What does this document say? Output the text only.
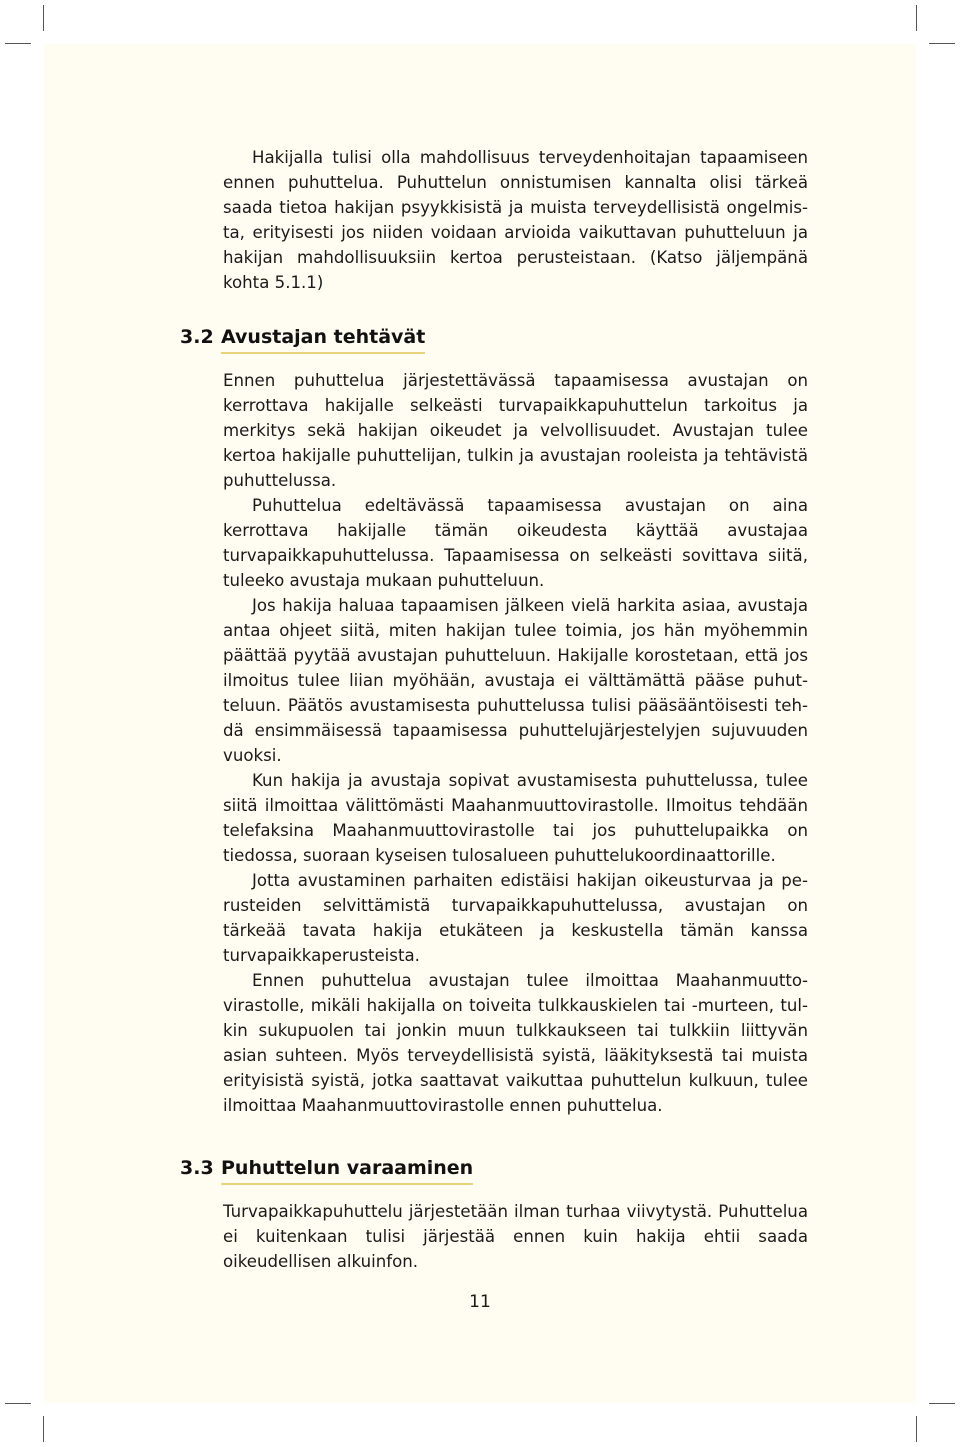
Hakijalla tulisi olla mahdollisuus terveydenhoitajan tapaamiseen ennen puhuttelua. Puhuttelun onnistumisen kannalta olisi tärkeä saada tietoa hakijan psyykkisistä ja muista terveydellisistä ongelmista, erityisesti jos niiden voidaan arvioida vaikuttavan puhutteluun ja hakijan mahdollisuuksiin kertoa perusteistaan. (Katso jäljempänä kohta 5.1.1)

3.2 Avustajan tehtävät

Ennen puhuttelua järjestettävässä tapaamisessa avustajan on kerrottava hakijalle selkeästi turvapaikkapuhuttelun tarkoitus ja merkitys sekä hakijan oikeudet ja velvollisuudet. Avustajan tulee kertoa hakijalle puhuttelijan, tulkin ja avustajan rooleista ja tehtävistä puhuttelussa.

Puhuttelua edeltävässä tapaamisessa avustajan on aina kerrottava hakijalle tämän oikeudesta käyttää avustajaa turvapaikkapuhuttelussa. Tapaamisessa on selkeästi sovittava siitä, tuleeko avustaja mukaan puhutteluun.

Jos hakija haluaa tapaamisen jälkeen vielä harkita asiaa, avustaja antaa ohjeet siitä, miten hakijan tulee toimia, jos hän myöhemmin päättää pyytää avustajan puhutteluun. Hakijalle korostetaan, että jos ilmoitus tulee liian myöhään, avustaja ei välttämättä pääse puhutteluun. Päätös avustamisesta puhuttelussa tulisi pääsääntöisesti tehdä ensimmäisessä tapaamisessa puhuttelujärjestelyjen sujuvuuden vuoksi.

Kun hakija ja avustaja sopivat avustamisesta puhuttelussa, tulee siitä ilmoittaa välittömästi Maahanmuuttovirastolle. Ilmoitus tehdään telefaksina Maahanmuuttovirastolle tai jos puhuttelupaikka on tiedossa, suoraan kyseisen tulosalueen puhuttelukoordinaattorille.

Jotta avustaminen parhaiten edistäisi hakijan oikeusturvaa ja perusteiden selvittämistä turvapaikkapuhuttelussa, avustajan on tärkeää tavata hakija etukäteen ja keskustella tämän kanssa turvapaikkaperusteista.

Ennen puhuttelua avustajan tulee ilmoittaa Maahanmuuttovirastolle, mikäli hakijalla on toiveita tulkkauskielen tai -murteen, tulkin sukupuolen tai jonkin muun tulkkaukseen tai tulkkiin liittyvän asian suhteen. Myös terveydellisistä syistä, lääkityksestä tai muista erityisistä syistä, jotka saattavat vaikuttaa puhuttelun kulkuun, tulee ilmoittaa Maahanmuuttovirastolle ennen puhuttelua.

3.3 Puhuttelun varaaminen

Turvapaikkapuhuttelu järjestetään ilman turhaa viivytystä. Puhuttelua ei kuitenkaan tulisi järjestää ennen kuin hakija ehtii saada oikeudellisen alkuinfon.

11
